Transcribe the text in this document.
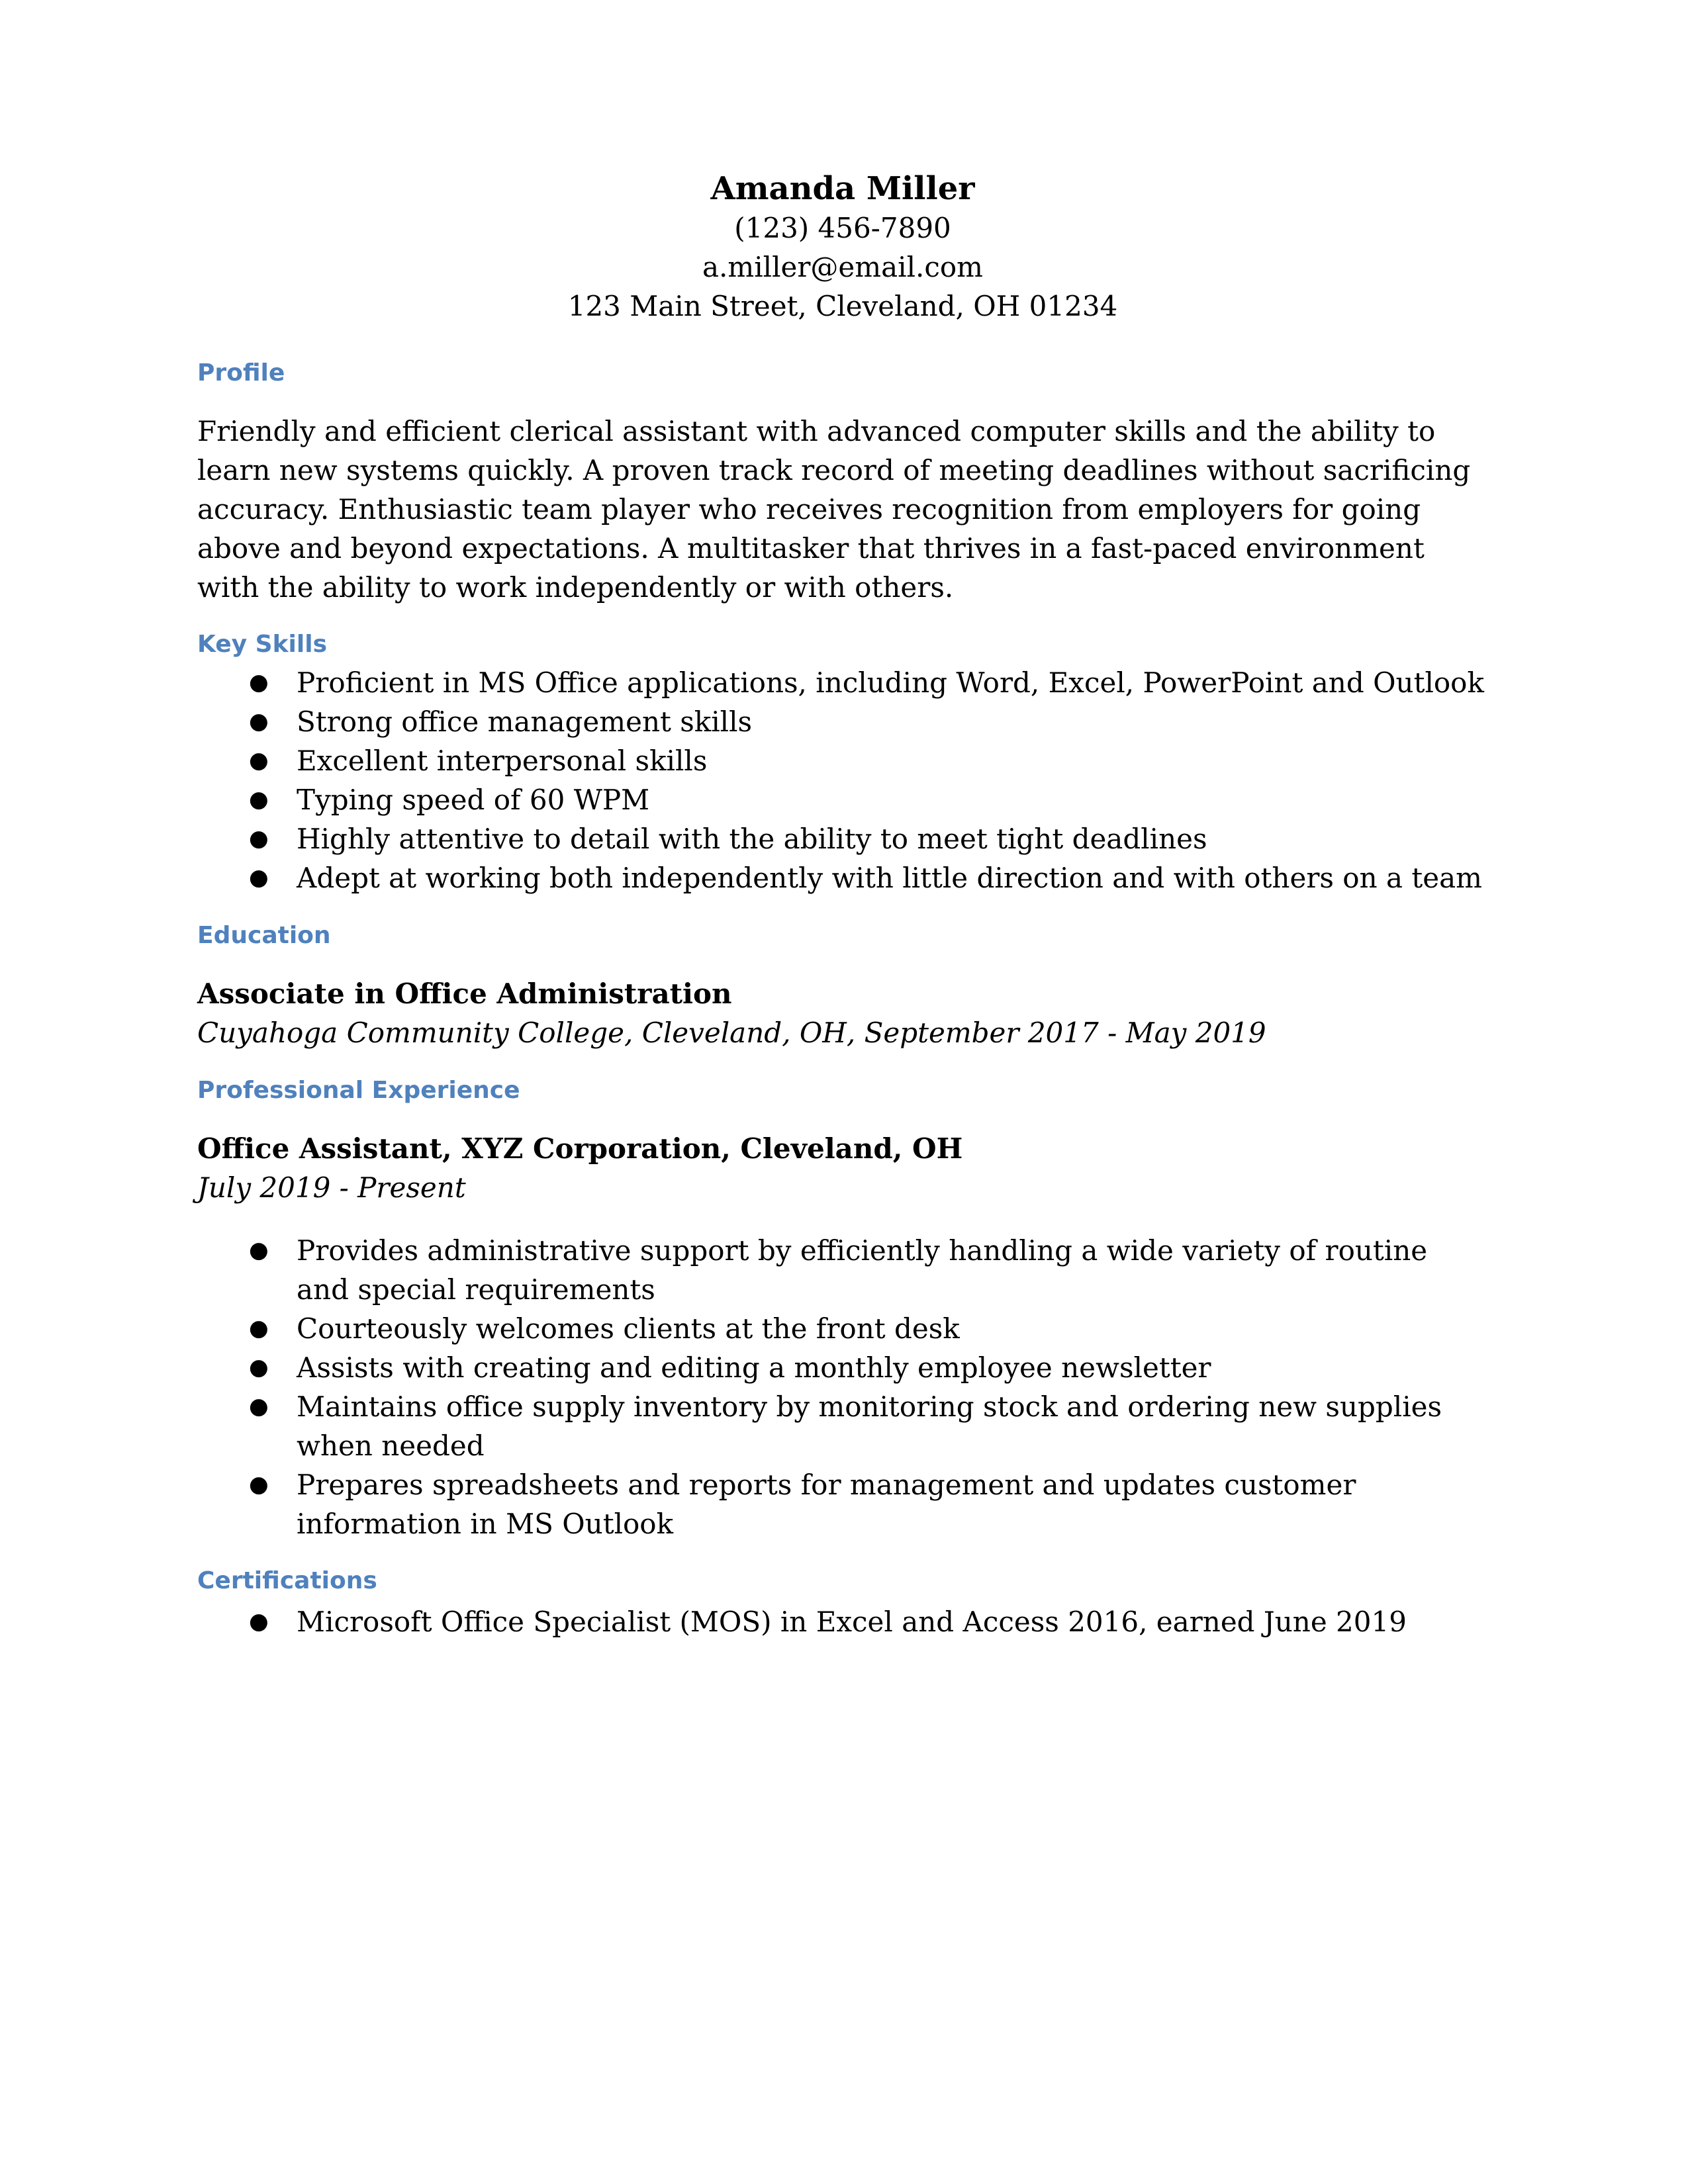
Amanda Miller

(123) 456-7890

a.miller@email.com

123 Main Street, Cleveland, OH 01234

Profile

Friendly and efficient clerical assistant with advanced computer skills and the ability to

learn new systems quickly. A proven track record of meeting deadlines without sacrificing

accuracy. Enthusiastic team player who receives recognition from employers for going

above and beyond expectations. A multitasker that thrives in a fast-paced environment

with the ability to work independently or with others.

Key Skills

● Proficient in MS Office applications, including Word, Excel, PowerPoint and Outlook
● Strong office management skills
● Excellent interpersonal skills
● Typing speed of 60 WPM
● Highly attentive to detail with the ability to meet tight deadlines
● Adept at working both independently with little direction and with others on a team

Education

Associate in Office Administration

Cuyahoga Community College, Cleveland, OH, September 2017 - May 2019

Professional Experience

Office Assistant, XYZ Corporation, Cleveland, OH

July 2019 - Present

● Provides administrative support by efficiently handling a wide variety of routine
and special requirements
● Courteously welcomes clients at the front desk
● Assists with creating and editing a monthly employee newsletter
● Maintains office supply inventory by monitoring stock and ordering new supplies
when needed
● Prepares spreadsheets and reports for management and updates customer
information in MS Outlook

Certifications

● Microsoft Office Specialist (MOS) in Excel and Access 2016, earned June 2019
